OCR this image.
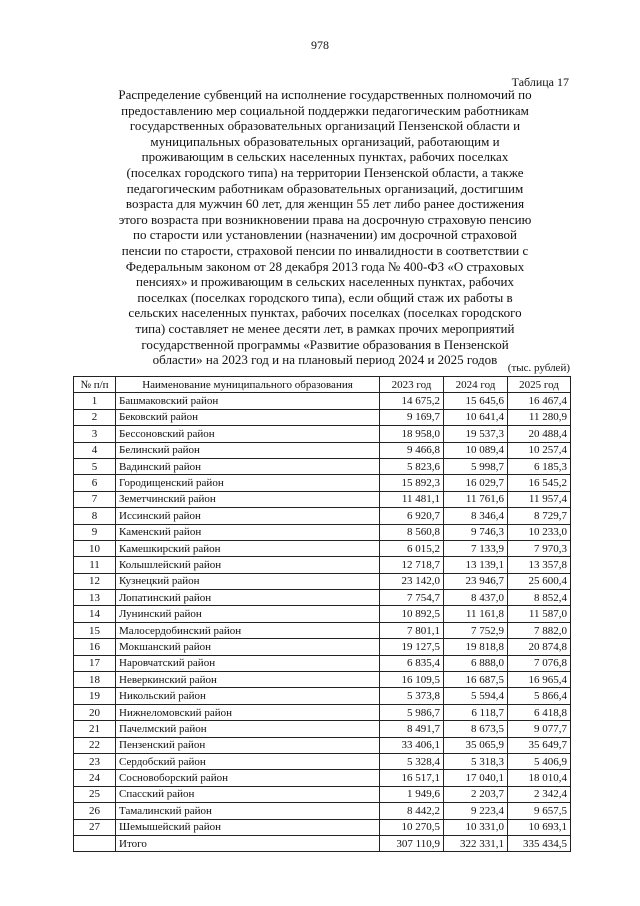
978
Таблица 17
Распределение субвенций на исполнение государственных полномочий по
предоставлению мер социальной поддержки педагогическим работникам
государственных образовательных организаций Пензенской области и
муниципальных образовательных организаций, работающим и
проживающим в сельских населенных пунктах, рабочих поселках
(поселках городского типа) на территории Пензенской области, а также
педагогическим работникам образовательных организаций, достигшим
возраста для мужчин 60 лет, для женщин 55 лет либо ранее достижения
этого возраста при возникновении права на досрочную страховую пенсию
по старости или установлении (назначении) им досрочной страховой
пенсии по старости, страховой пенсии по инвалидности в соответствии с
Федеральным законом от 28 декабря 2013 года № 400-ФЗ «О страховых
пенсиях» и проживающим в сельских населенных пунктах, рабочих
поселках (поселках городского типа), если общий стаж их работы в
сельских населенных пунктах, рабочих поселках (поселках городского
типа) составляет не менее десяти лет, в рамках прочих мероприятий
государственной программы «Развитие образования в Пензенской
области» на 2023 год и на плановый период 2024 и 2025 годов
(тыс. рублей)
№ п/п	Наименование муниципального образования	2023 год	2024 год	2025 год
1	Башмаковский район	14 675,2	15 645,6	16 467,4
2	Бековский район	9 169,7	10 641,4	11 280,9
3	Бессоновский район	18 958,0	19 537,3	20 488,4
4	Белинский район	9 466,8	10 089,4	10 257,4
5	Вадинский район	5 823,6	5 998,7	6 185,3
6	Городищенский район	15 892,3	16 029,7	16 545,2
7	Земетчинский район	11 481,1	11 761,6	11 957,4
8	Иссинский район	6 920,7	8 346,4	8 729,7
9	Каменский район	8 560,8	9 746,3	10 233,0
10	Камешкирский район	6 015,2	7 133,9	7 970,3
11	Колышлейский район	12 718,7	13 139,1	13 357,8
12	Кузнецкий район	23 142,0	23 946,7	25 600,4
13	Лопатинский район	7 754,7	8 437,0	8 852,4
14	Лунинский район	10 892,5	11 161,8	11 587,0
15	Малосердобинский район	7 801,1	7 752,9	7 882,0
16	Мокшанский район	19 127,5	19 818,8	20 874,8
17	Наровчатский район	6 835,4	6 888,0	7 076,8
18	Неверкинский район	16 109,5	16 687,5	16 965,4
19	Никольский район	5 373,8	5 594,4	5 866,4
20	Нижнеломовский район	5 986,7	6 118,7	6 418,8
21	Пачелмский район	8 491,7	8 673,5	9 077,7
22	Пензенский район	33 406,1	35 065,9	35 649,7
23	Сердобский район	5 328,4	5 318,3	5 406,9
24	Сосновоборский район	16 517,1	17 040,1	18 010,4
25	Спасский район	1 949,6	2 203,7	2 342,4
26	Тамалинский район	8 442,2	9 223,4	9 657,5
27	Шемышейский район	10 270,5	10 331,0	10 693,1
	Итого	307 110,9	322 331,1	335 434,5
